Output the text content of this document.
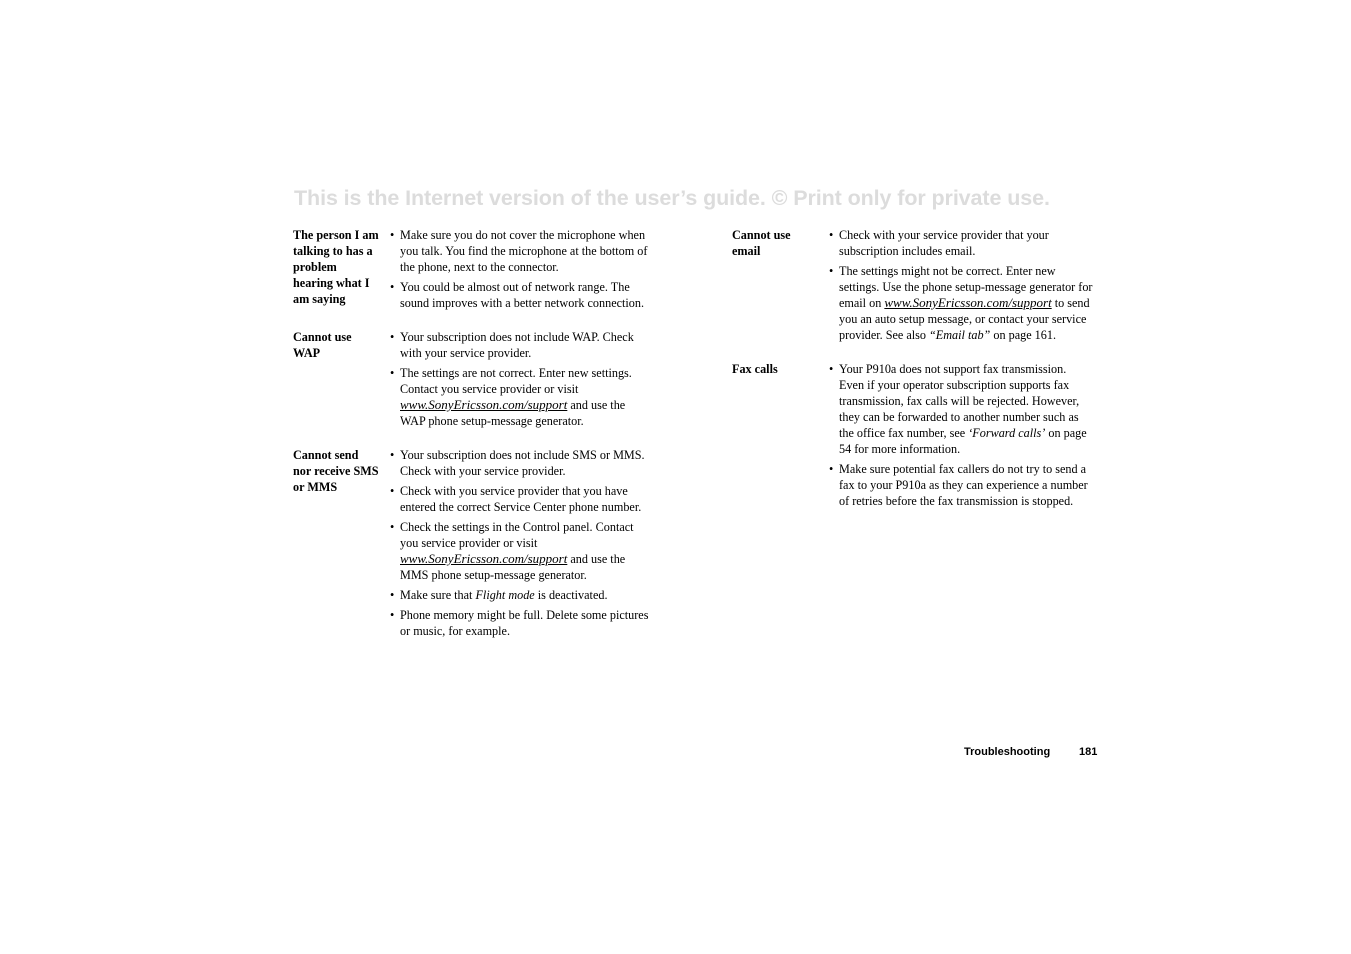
This is the Internet version of the user’s guide. © Print only for private use.
The person I am talking to has a problem hearing what I am saying
• Make sure you do not cover the microphone when you talk. You find the microphone at the bottom of the phone, next to the connector.
• You could be almost out of network range. The sound improves with a better network connection.
Cannot use WAP
• Your subscription does not include WAP. Check with your service provider.
• The settings are not correct. Enter new settings. Contact you service provider or visit www.SonyEricsson.com/support and use the WAP phone setup-message generator.
Cannot send nor receive SMS or MMS
• Your subscription does not include SMS or MMS. Check with your service provider.
• Check with you service provider that you have entered the correct Service Center phone number.
• Check the settings in the Control panel. Contact you service provider or visit www.SonyEricsson.com/support and use the MMS phone setup-message generator.
• Make sure that Flight mode is deactivated.
• Phone memory might be full. Delete some pictures or music, for example.
Cannot use email
• Check with your service provider that your subscription includes email.
• The settings might not be correct. Enter new settings. Use the phone setup-message generator for email on www.SonyEricsson.com/support to send you an auto setup message, or contact your service provider. See also “Email tab” on page 161.
Fax calls	• Your P910a does not support fax transmission. Even if your operator subscription supports fax transmission, fax calls will be rejected. However, they can be forwarded to another number such as the office fax number, see ‘Forward calls’ on page 54 for more information.
• Make sure potential fax callers do not try to send a fax to your P910a as they can experience a number of retries before the fax transmission is stopped.
Troubleshooting	181
